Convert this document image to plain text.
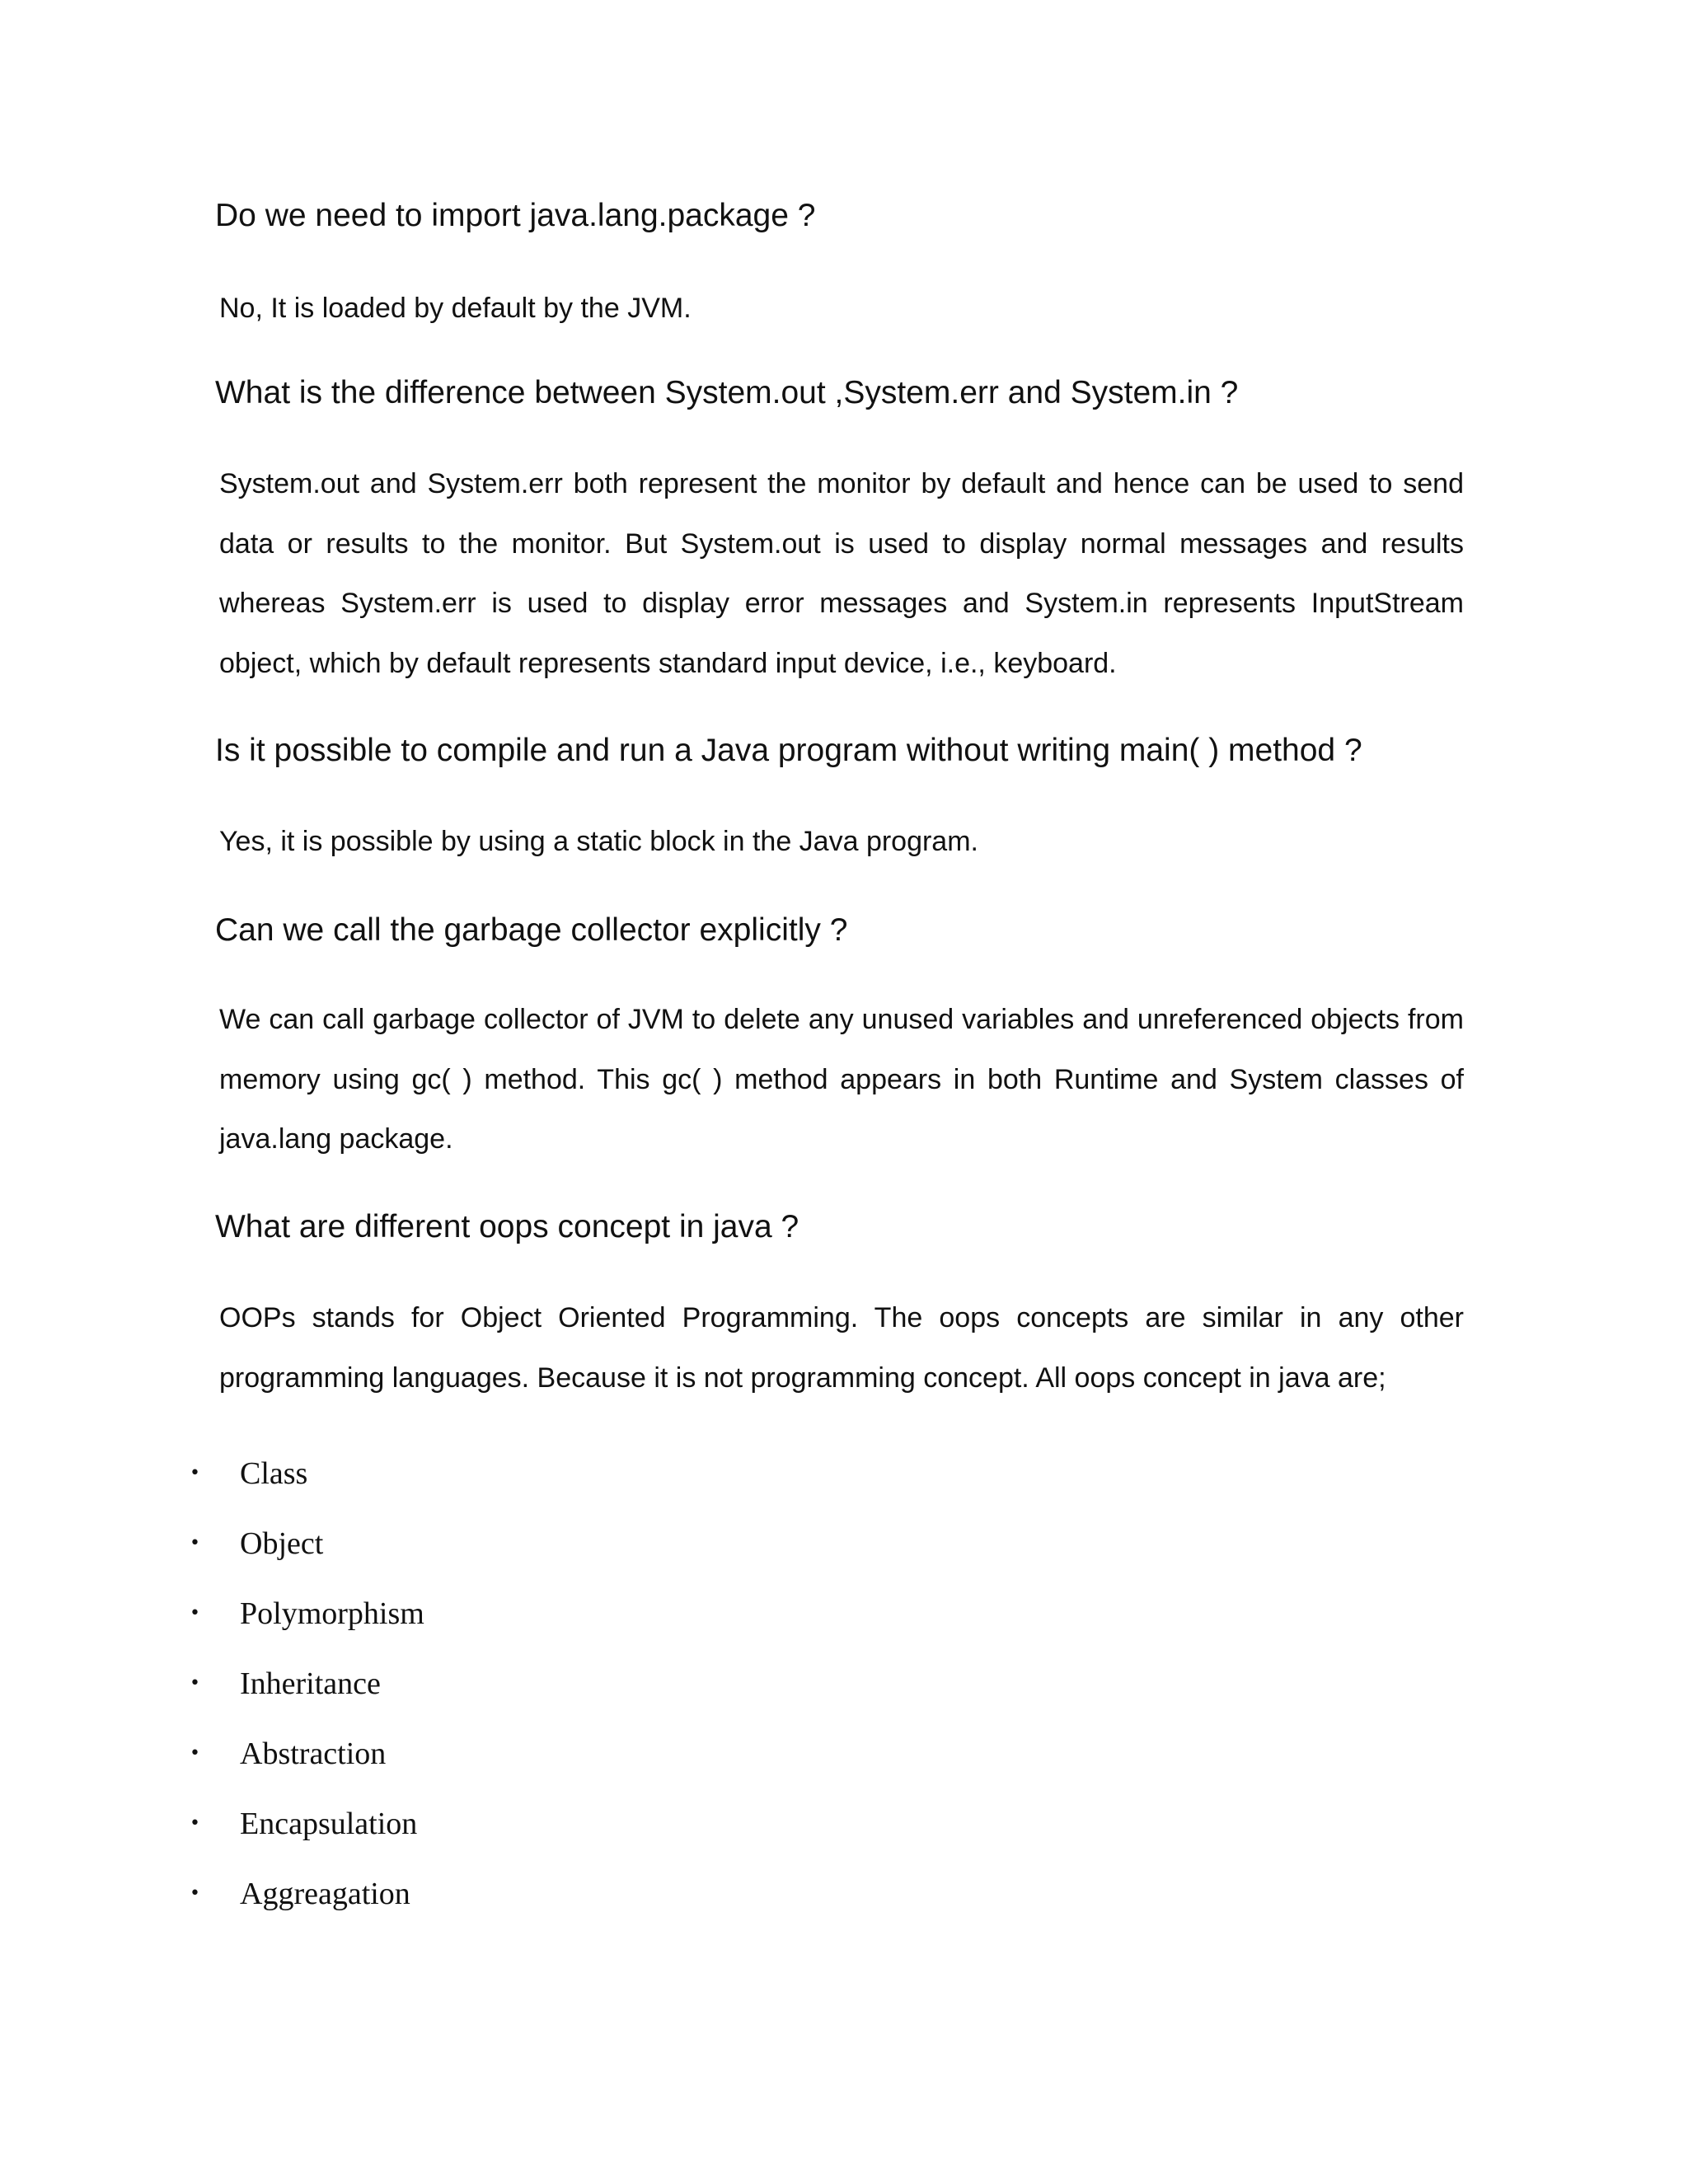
Do we need to import java.lang.package ?

No, It is loaded by default by the JVM.

What is the difference between System.out ,System.err and System.in ?

System.out and System.err both represent the monitor by default and hence can be used to send data or results to the monitor. But System.out is used to display normal messages and results whereas System.err is used to display error messages and System.in represents InputStream object, which by default represents standard input device, i.e., keyboard.

Is it possible to compile and run a Java program without writing main( ) method ?

Yes, it is possible by using a static block in the Java program.

Can we call the garbage collector explicitly ?

We can call garbage collector of JVM to delete any unused variables and unreferenced objects from memory using gc( ) method. This gc( ) method appears in both Runtime and System classes of java.lang package.

What are different oops concept in java ?

OOPs stands for Object Oriented Programming. The oops concepts are similar in any other programming languages. Because it is not programming concept. All oops concept in java are;

• Class
• Object
• Polymorphism
• Inheritance
• Abstraction
• Encapsulation
• Aggreagation
